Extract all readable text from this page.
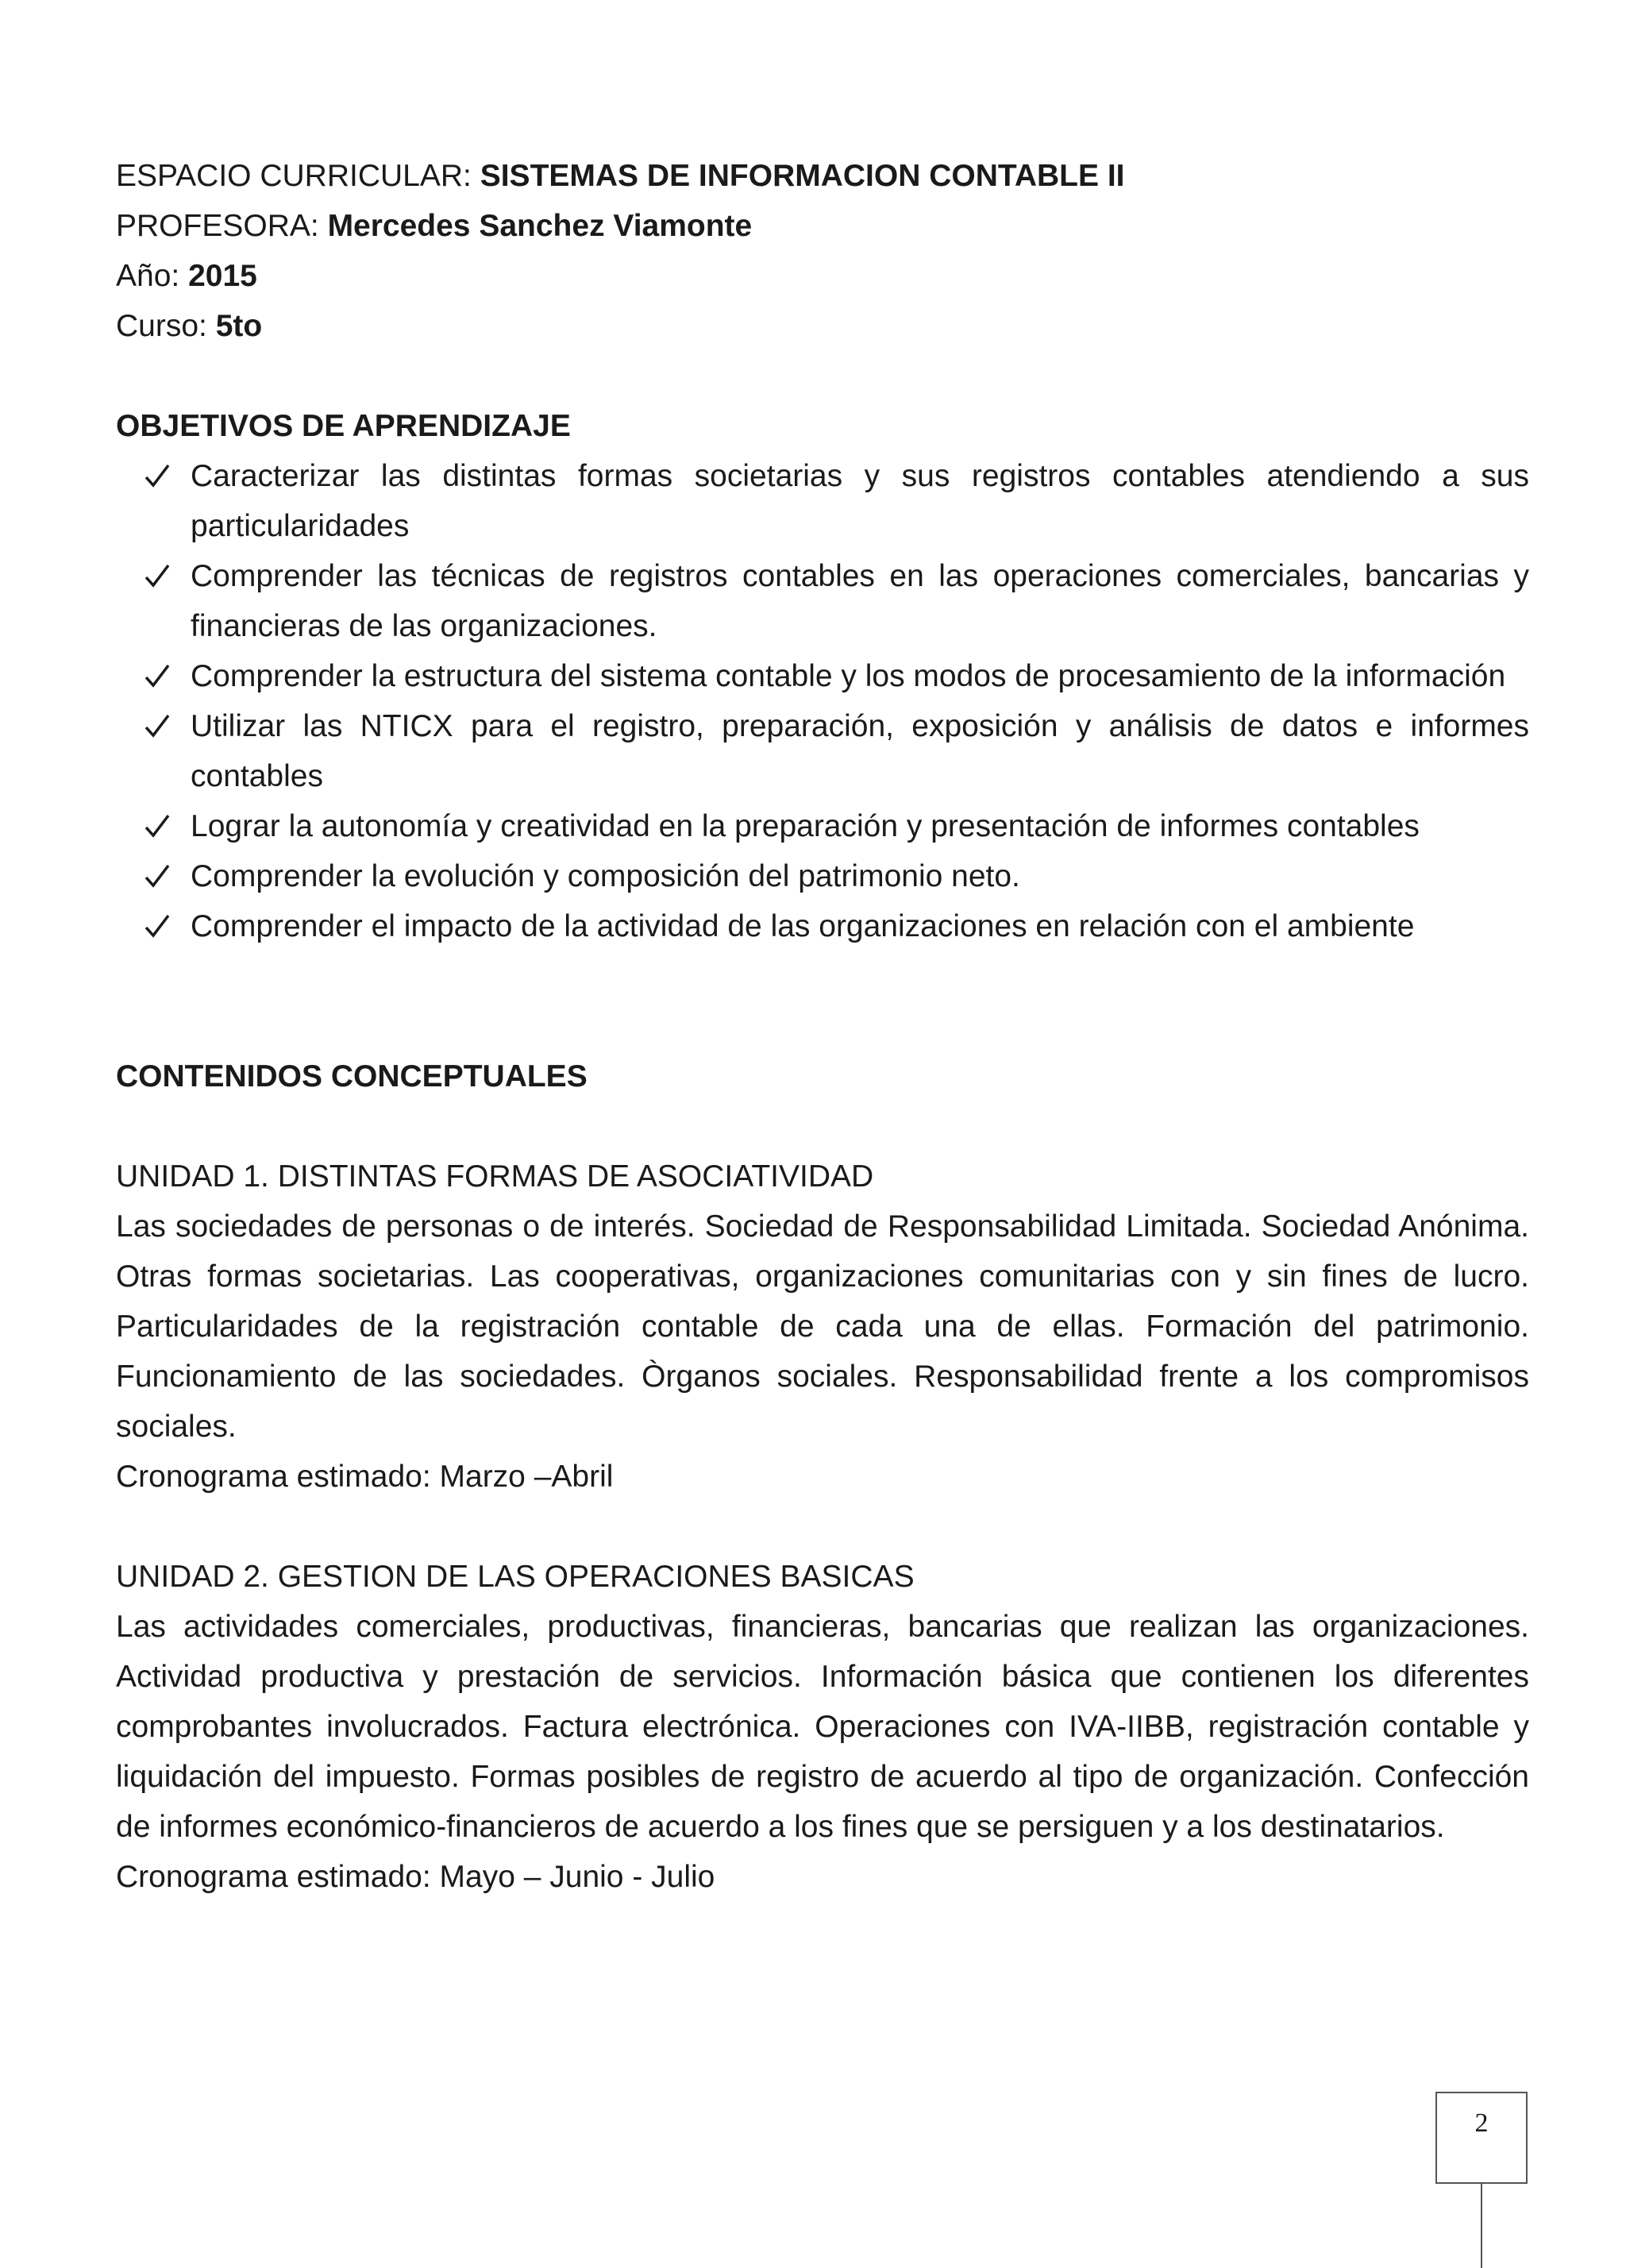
ESPACIO CURRICULAR: SISTEMAS DE INFORMACION CONTABLE II

PROFESORA: Mercedes Sanchez Viamonte

Año: 2015

Curso: 5to

OBJETIVOS DE APRENDIZAJE

Caracterizar las distintas formas societarias y sus registros contables atendiendo a sus particularidades
Comprender las técnicas de registros contables en las operaciones comerciales, bancarias y financieras de las organizaciones.
Comprender la estructura del sistema contable y los modos de procesamiento de la información
Utilizar las NTICX para el registro, preparación, exposición y análisis de datos e informes contables
Lograr la autonomía y creatividad en la preparación y presentación de informes contables
Comprender la evolución y composición del patrimonio neto.
Comprender el impacto de la actividad de las organizaciones en relación con el ambiente

CONTENIDOS CONCEPTUALES

UNIDAD 1. DISTINTAS FORMAS DE ASOCIATIVIDAD

Las sociedades de personas o de interés. Sociedad de Responsabilidad Limitada. Sociedad Anónima. Otras formas societarias. Las cooperativas, organizaciones comunitarias con y sin fines de lucro. Particularidades de la registración contable de cada una de ellas. Formación del patrimonio. Funcionamiento de las sociedades. Òrganos sociales. Responsabilidad frente a los compromisos sociales.

Cronograma estimado: Marzo –Abril

UNIDAD 2. GESTION DE LAS OPERACIONES BASICAS

Las actividades comerciales, productivas, financieras, bancarias que realizan las organizaciones. Actividad productiva y prestación de servicios. Información básica que contienen los diferentes comprobantes involucrados. Factura electrónica. Operaciones con IVA-IIBB, registración contable y liquidación del impuesto. Formas posibles de registro de acuerdo al tipo de organización. Confección de informes económico-financieros de acuerdo a los fines que se persiguen y a los destinatarios.

Cronograma estimado: Mayo – Junio - Julio

2
